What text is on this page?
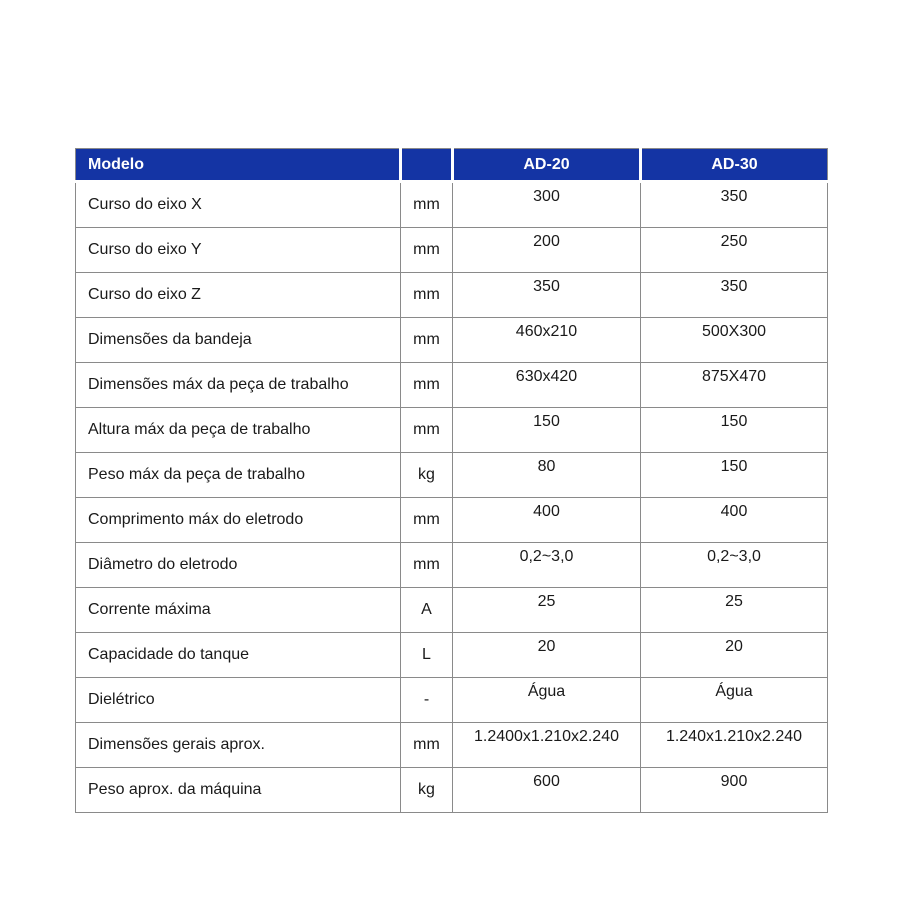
Modelo		AD-20	AD-30
Curso do eixo X	mm	300	350
Curso do eixo Y	mm	200	250
Curso do eixo Z	mm	350	350
Dimensões da bandeja	mm	460x210	500X300
Dimensões máx da peça de trabalho	mm	630x420	875X470
Altura máx da peça de trabalho	mm	150	150
Peso máx da peça de trabalho	kg	80	150
Comprimento máx do eletrodo	mm	400	400
Diâmetro do eletrodo	mm	0,2~3,0	0,2~3,0
Corrente máxima	A	25	25
Capacidade do tanque	L	20	20
Dielétrico	-	Água	Água
Dimensões gerais aprox.	mm	1.2400x1.210x2.240	1.240x1.210x2.240
Peso aprox. da máquina	kg	600	900
